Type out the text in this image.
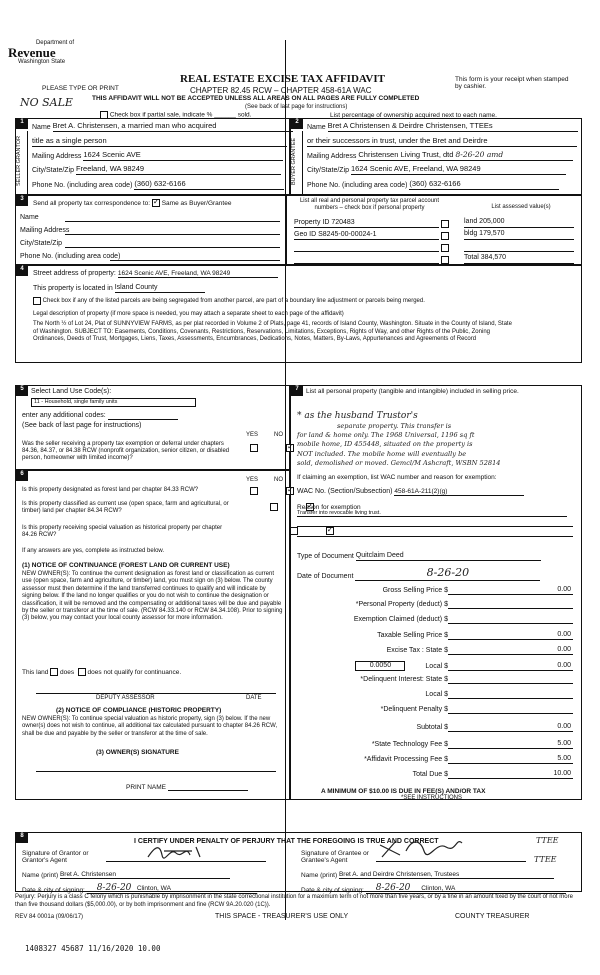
Department of
Revenue
Washington State
PLEASE TYPE OR PRINT
REAL ESTATE EXCISE TAX AFFIDAVIT
CHAPTER 82.45 RCW – CHAPTER 458-61A WAC
This form is your receipt when stamped by cashier.
NO SALE	THIS AFFIDAVIT WILL NOT BE ACCEPTED UNLESS ALL AREAS ON ALL PAGES ARE FULLY COMPLETED
(See back of last page for instructions)
Check box if partial sale, indicate % ______ sold.	List percentage of ownership acquired next to each name.
1
SELLER GRANTOR
Name
Bret A. Christensen, a married man who acquired
title as a single person
Mailing Address
1624 Scenic AVE
City/State/Zip
Freeland, WA 98249
Phone No. (including area code)
(360) 632-6166
2
BUYER GRANTEE
Name
Bret A Christensen & Deirdre Christensen, TTEEs
or their successors in trust, under the Bret and Deirdre
Mailing Address
Christensen Living Trust, dtd 8-26-20 amd
City/State/Zip
1624 Scenic AVE, Freeland, WA 98249
Phone No. (including area code)
(360) 632-6166
3
Send all property tax correspondence to:

✓
Same as Buyer/Grantee
Name
Mailing Address
City/State/Zip
Phone No. (including area code)
List all real and personal property tax parcel account numbers – check box if personal property	List assessed value(s)
Property ID 720483

Geo ID S8245-00-00024-1

land 205,000
bldg 179,570
Total 384,570
4
Street address of property:
1624 Scenic AVE, Freeland, WA 98249
This property is located in
Island County

Check box if any of the listed parcels are being segregated from another parcel, are part of a boundary line adjustment or parcels being merged.
Legal description of property (if more space is needed, you may attach a separate sheet to each page of the affidavit)
The North ½ of Lot 24, Plat of SUNNYVIEW FARMS, as per plat recorded in Volume 2 of Plats, page 41, records of Island County, Washington. Situate in the County of Island, State of Washington. SUBJECT TO: Easements, Conditions, Covenants, Restrictions, Reservations, Limitations, Exceptions, Rights of Way, and other Rights of the Public, Zoning Ordinances, Deeds of Trust, Mortgages, Liens, Taxes, Assessments, Encumbrances, Dedications, Notes, Matters, By-Laws, Appurtenances and Agreements of Record
5	Select Land Use Code(s):
11 - Household, single family units
enter any additional codes:

(See back of last page for instructions)
YES	NO
Was the seller receiving a property tax exemption or deferral under chapters 84.36, 84.37, or 84.38 RCW (nonprofit organization, senior citizen, or disabled person, homeowner with limited income)?
✓
6
YES	NO
Is this property designated as forest land per chapter 84.33 RCW?
✓
Is this property classified as current use (open space, farm and agricultural, or timber) land per chapter 84.34 RCW?
✓
Is this property receiving special valuation as historical property per chapter 84.26 RCW?
✓
If any answers are yes, complete as instructed below.
(1) NOTICE OF CONTINUANCE (FOREST LAND OR CURRENT USE)
NEW OWNER(S): To continue the current designation as forest land or classification as current use (open space, farm and agriculture, or timber) land, you must sign on (3) below. The county assessor must then determine if the land transferred continues to qualify and will indicate by signing below. If the land no longer qualifies or you do not wish to continue the designation or classification, it will be removed and the compensating or additional taxes will be due and payable by the seller or transferor at the time of sale. (RCW 84.33.140 or RCW 84.34.108). Prior to signing (3) below, you may contact your local county assessor for more information.
This land

does

does not
qualify for continuance.
DEPUTY ASSESSOR	DATE
(2) NOTICE OF COMPLIANCE (HISTORIC PROPERTY)
NEW OWNER(S): To continue special valuation as historic property, sign (3) below. If the new owner(s) does not wish to continue, all additional tax calculated pursuant to chapter 84.26 RCW, shall be due and payable by the seller or transferor at the time of sale.
(3) OWNER(S) SIGNATURE
PRINT NAME

7	List all personal property (tangible and intangible) included in selling price.
* as the husband Trustor's
separate property. This transfer is
for land & home only. The 1968 Universal, 1196 sq ft
mobile home, ID 455448, situated on the property is
NOT included. The mobile home will eventually be
sold, demolished or moved. Gemcl/M Ashcraft, WSBN 52814
If claiming an exemption, list WAC number and reason for exemption:
WAC No. (Section/Subsection)
458-61A-211(2)(g)
Reason for exemption
Transfer into revocable living trust.
Type of Document
Quitclaim Deed
Date of Document
	8-26-20
Gross Selling Price
$	0.00
*Personal Property (deduct)
$
Exemption Claimed (deduct)
$
Taxable Selling Price
$	0.00
Excise Tax : State
$	0.00
0.0050	Local
$	0.00
*Delinquent Interest: State
$
Local
$
*Delinquent Penalty
$
Subtotal
$	0.00
*State Technology Fee
$	5.00
*Affidavit Processing Fee
$	5.00
Total Due
$	10.00
A MINIMUM OF $10.00 IS DUE IN FEE(S) AND/OR TAX
*SEE INSTRUCTIONS
8
I CERTIFY UNDER PENALTY OF PERJURY THAT THE FOREGOING IS TRUE AND CORRECT
Signature of Grantor or Grantor's Agent
Signature of Grantee or Grantee's Agent
TTEE
TTEE
Name (print)
Bret A. Christensen	Name (print)
Bret A. and Deirdre Christensen, Trustees
Date & city of signing:
	8-26-20 Clinton, WA	Date & city of signing:
	8-26-20 Clinton, WA
Perjury: Perjury is a class C felony which is punishable by imprisonment in the state correctional institution for a maximum term of not more than five years, or by a fine in an amount fixed by the court of not more than five thousand dollars ($5,000.00), or by both imprisonment and fine (RCW 9A.20.020 (1C)).
REV 84 0001a (09/06/17)	THIS SPACE - TREASURER'S USE ONLY	COUNTY TREASURER
1408327 45687 11/16/2020 10.00
